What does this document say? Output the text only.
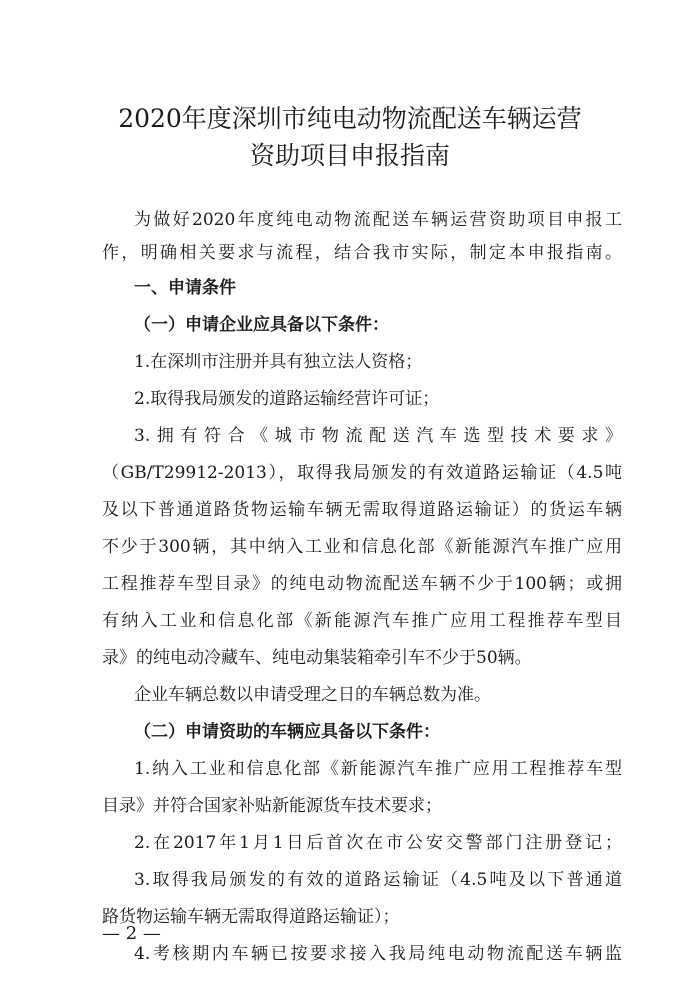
2020年度深圳市纯电动物流配送车辆运营
资助项目申报指南
为做好2020年度纯电动物流配送车辆运营资助项目申报工
作，明确相关要求与流程，结合我市实际，制定本申报指南。
一、申请条件
（一）申请企业应具备以下条件：
1.在深圳市注册并具有独立法人资格；
2.取得我局颁发的道路运输经营许可证；
3.拥有符合《城市物流配送汽车选型技术要求》
（GB/T29912-2013），取得我局颁发的有效道路运输证（4.5吨
及以下普通道路货物运输车辆无需取得道路运输证）的货运车辆
不少于300辆，其中纳入工业和信息化部《新能源汽车推广应用
工程推荐车型目录》的纯电动物流配送车辆不少于100辆；或拥
有纳入工业和信息化部《新能源汽车推广应用工程推荐车型目
录》的纯电动冷藏车、纯电动集装箱牵引车不少于50辆。
企业车辆总数以申请受理之日的车辆总数为准。
（二）申请资助的车辆应具备以下条件：
1.纳入工业和信息化部《新能源汽车推广应用工程推荐车型
目录》并符合国家补贴新能源货车技术要求；
2.在2017年1月1日后首次在市公安交警部门注册登记；
3.取得我局颁发的有效的道路运输证（4.5吨及以下普通道
路货物运输车辆无需取得道路运输证）；
4.考核期内车辆已按要求接入我局纯电动物流配送车辆监
— 2 —
